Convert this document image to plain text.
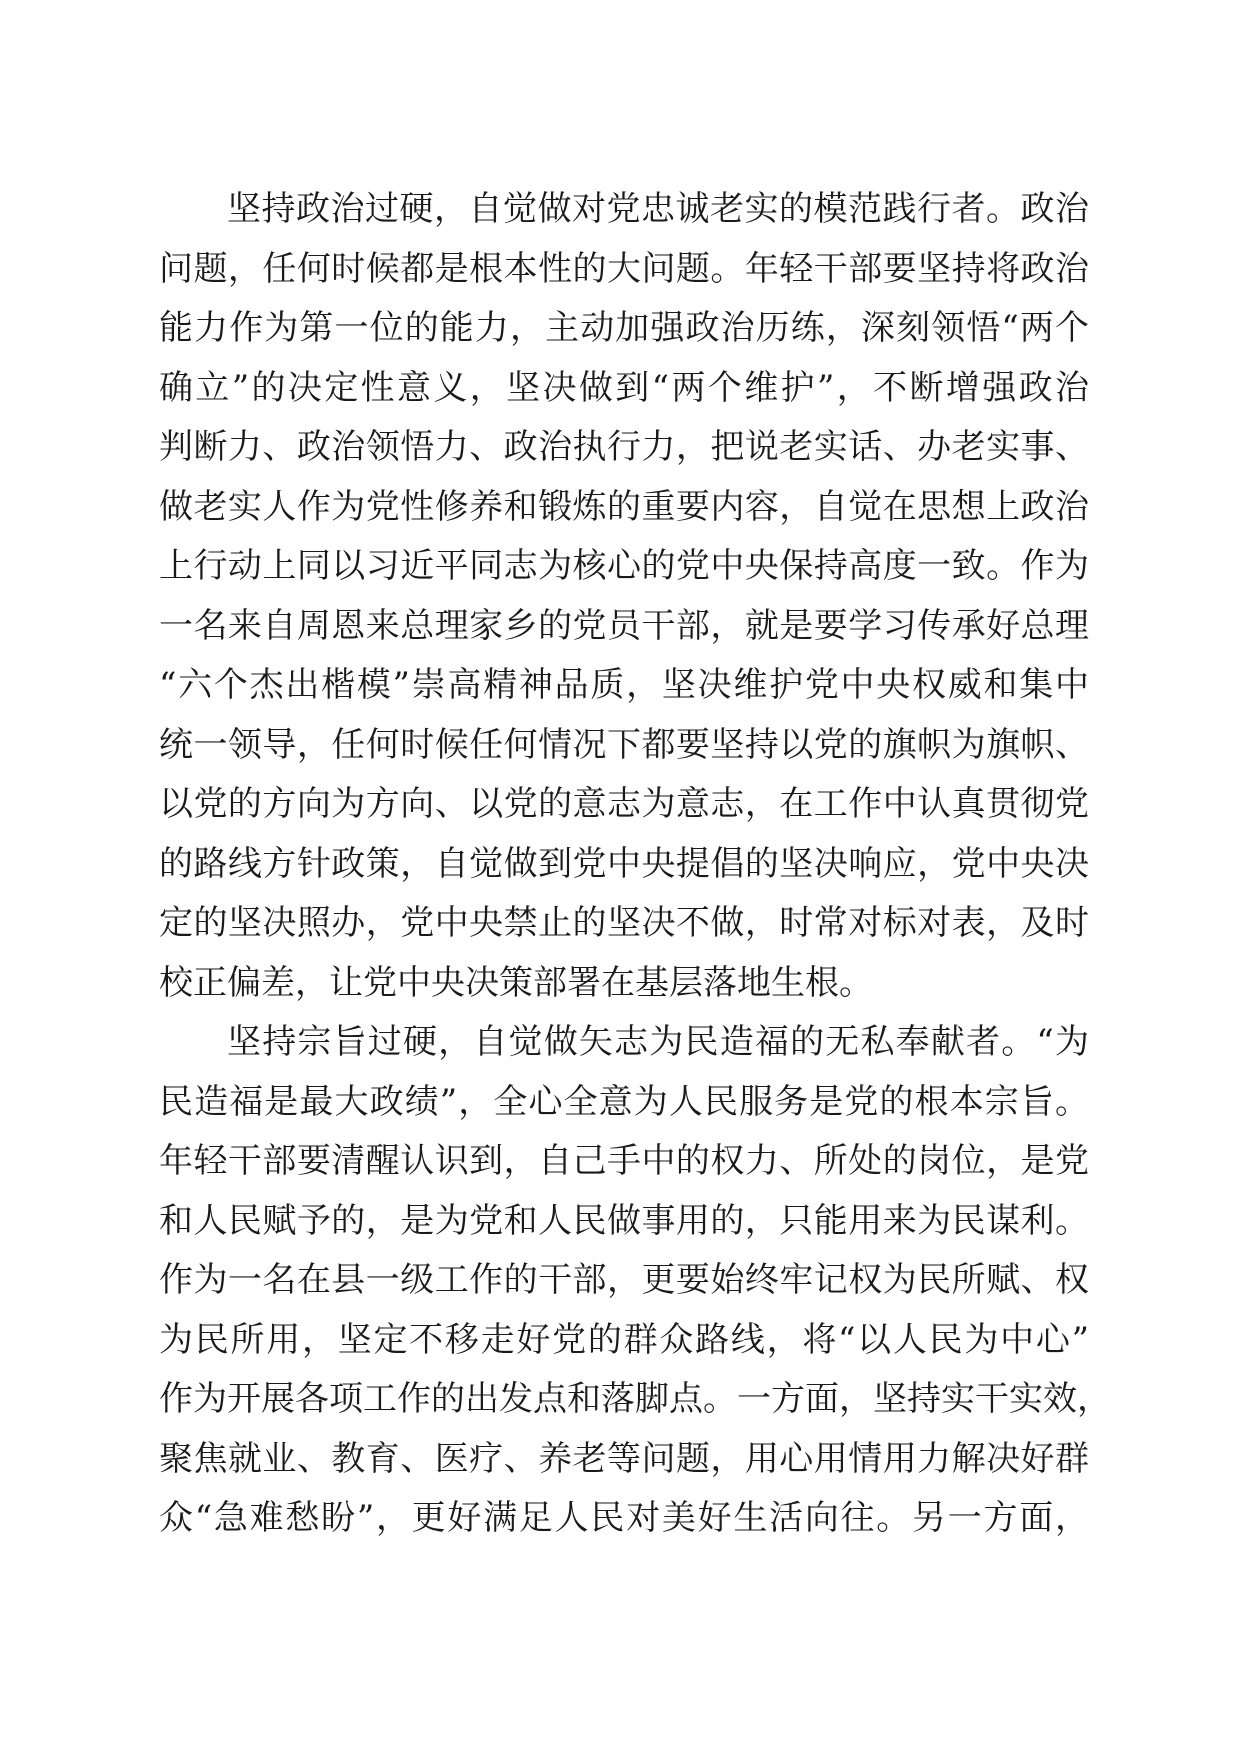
坚持政治过硬，自觉做对党忠诚老实的模范践行者。政治
问题，任何时候都是根本性的大问题。年轻干部要坚持将政治
能力作为第一位的能力，主动加强政治历练，深刻领悟“两个
确立”的决定性意义，坚决做到“两个维护”，不断增强政治
判断力、政治领悟力、政治执行力，把说老实话、办老实事、
做老实人作为党性修养和锻炼的重要内容，自觉在思想上政治
上行动上同以习近平同志为核心的党中央保持高度一致。作为
一名来自周恩来总理家乡的党员干部，就是要学习传承好总理
“六个杰出楷模”崇高精神品质，坚决维护党中央权威和集中
统一领导，任何时候任何情况下都要坚持以党的旗帜为旗帜、
以党的方向为方向、以党的意志为意志，在工作中认真贯彻党
的路线方针政策，自觉做到党中央提倡的坚决响应，党中央决
定的坚决照办，党中央禁止的坚决不做，时常对标对表，及时
校正偏差，让党中央决策部署在基层落地生根。
坚持宗旨过硬，自觉做矢志为民造福的无私奉献者。“为
民造福是最大政绩”，全心全意为人民服务是党的根本宗旨。
年轻干部要清醒认识到，自己手中的权力、所处的岗位，是党
和人民赋予的，是为党和人民做事用的，只能用来为民谋利。
作为一名在县一级工作的干部，更要始终牢记权为民所赋、权
为民所用，坚定不移走好党的群众路线，将“以人民为中心”
作为开展各项工作的出发点和落脚点。一方面，坚持实干实效，
聚焦就业、教育、医疗、养老等问题，用心用情用力解决好群
众“急难愁盼”，更好满足人民对美好生活向往。另一方面，
